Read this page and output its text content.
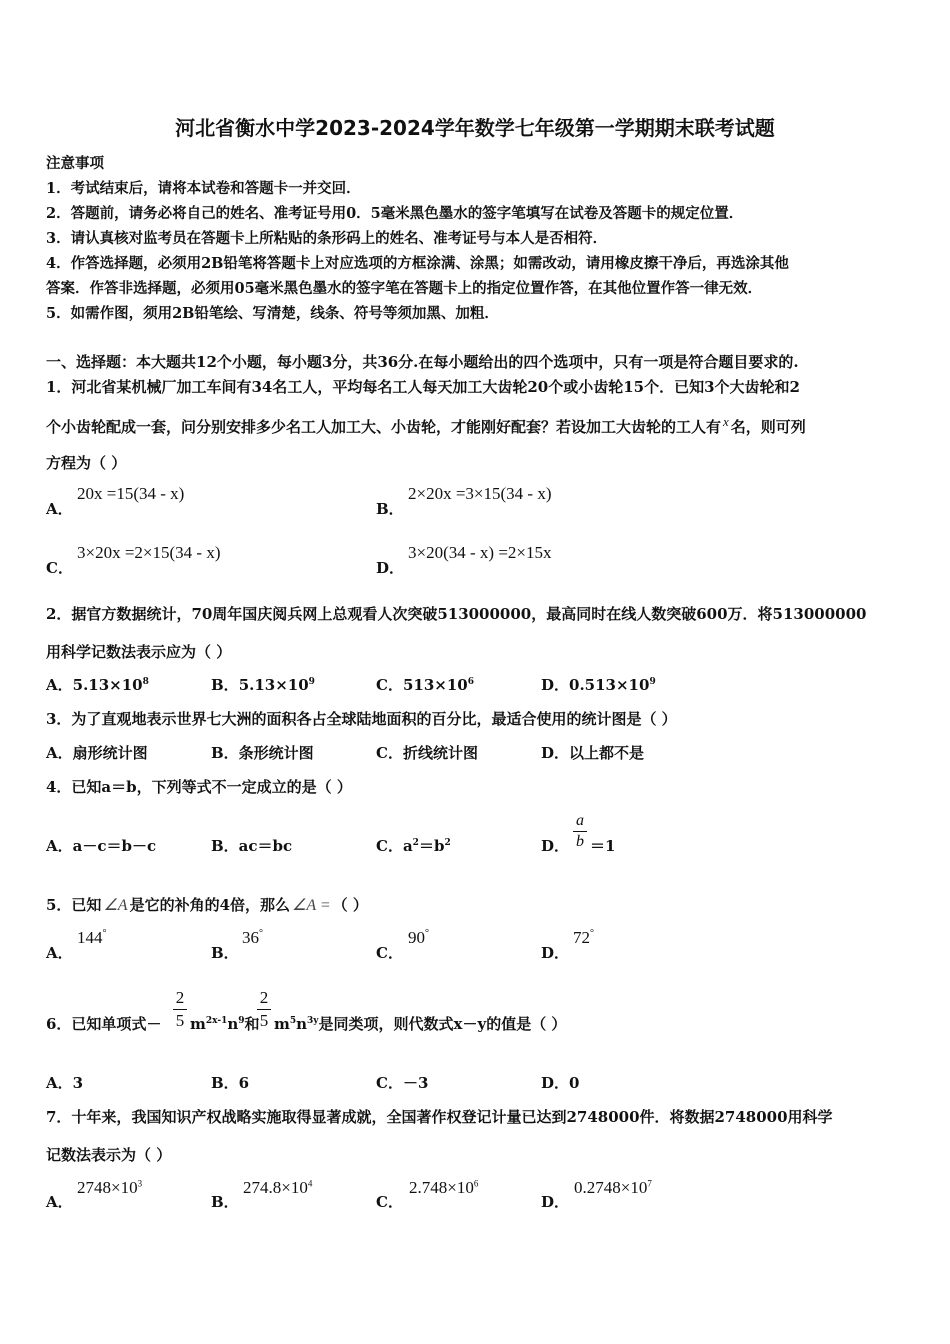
河北省衡水中学2023-2024学年数学七年级第一学期期末联考试题
注意事项
1．考试结束后，请将本试卷和答题卡一并交回．
2．答题前，请务必将自己的姓名、准考证号用0．5毫米黑色墨水的签字笔填写在试卷及答题卡的规定位置．
3．请认真核对监考员在答题卡上所粘贴的条形码上的姓名、准考证号与本人是否相符．
4．作答选择题，必须用2B铅笔将答题卡上对应选项的方框涂满、涂黑；如需改动，请用橡皮擦干净后，再选涂其他
答案．作答非选择题，必须用05毫米黑色墨水的签字笔在答题卡上的指定位置作答，在其他位置作答一律无效．
5．如需作图，须用2B铅笔绘、写清楚，线条、符号等须加黑、加粗．
一、选择题：本大题共12个小题，每小题3分，共36分.在每小题给出的四个选项中，只有一项是符合题目要求的.
1．河北省某机械厂加工车间有34名工人，平均每名工人每天加工大齿轮20个或小齿轮15个．已知3个大齿轮和2
个小齿轮配成一套，问分别安排多少名工人加工大、小齿轮，才能刚好配套？若设加工大齿轮的工人有 x 名，则可列
方程为（ ）
A．
20x =15(34 - x)
B．
2×20x =3×15(34 - x)
C．
3×20x =2×15(34 - x)
D．
3×20(34 - x) =2×15x
2．据官方数据统计，70周年国庆阅兵网上总观看人次突破513000000，最高同时在线人数突破600万．将513000000
用科学记数法表示应为（ ）
A．$5.13\times 10^8$	B．$5.13\times 10^9$	C．$513\times 10^6$	D．$0.513\times 10^9$
3．为了直观地表示世界七大洲的面积各占全球陆地面积的百分比，最适合使用的统计图是（ ）
A．扇形统计图	B．条形统计图	C．折线统计图	D．以上都不是
4．已知a＝b，下列等式不一定成立的是（ ）
A．a－c＝b－c	B．ac＝bc	C．$a^2=b^2$	D．
a
b ＝1
5．已知 ∠A 是它的补角的4倍，那么 ∠A = （ ）
A．
144°
B．
36°
C．
90°
D．
72°
6．已知单项式－
2
5 $m^{2x-1}n^9$和
2
5 $m^5n^{3y}$是同类项，则代数式x－y的值是（ ）
A．3	B．6	C．－3	D．0
7．十年来，我国知识产权战略实施取得显著成就，全国著作权登记计量已达到2748000件．将数据2748000用科学
记数法表示为（ ）
A．
$2748\times 10^3$
B．
$274.8\times 10^4$
C．
$2.748\times 10^6$
D．
$0.2748\times 10^7$
